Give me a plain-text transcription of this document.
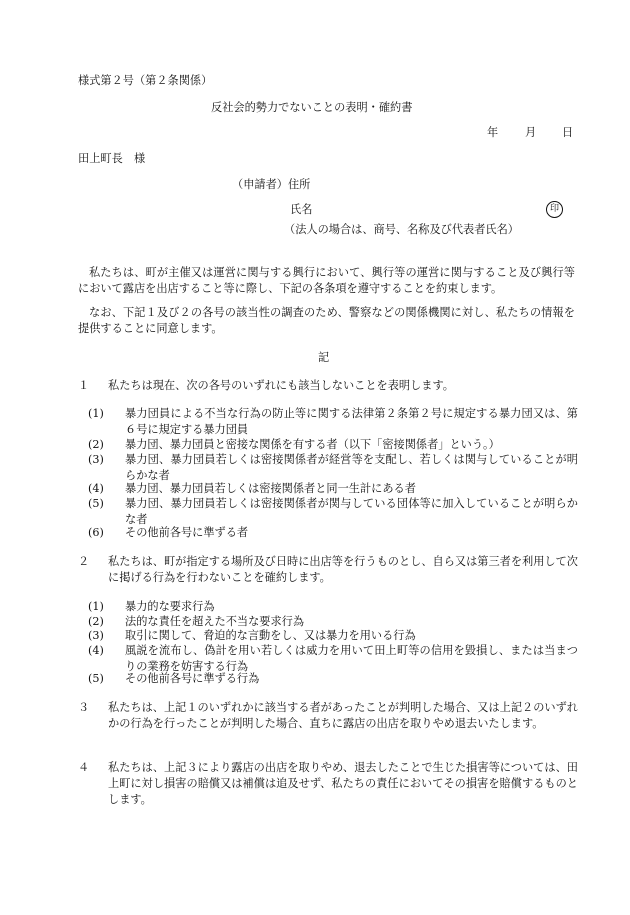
様式第２号（第２条関係）
反社会的勢力でないことの表明・確約書
年 月 日
田上町長　様
（申請者）住所
氏名	印
（法人の場合は、商号、名称及び代表者氏名）
私たちは、町が主催又は運営に関与する興行において、興行等の運営に関与すること及び興行等において露店を出店すること等に際し、下記の各条項を遵守することを約束します。
なお、下記１及び２の各号の該当性の調査のため、警察などの関係機関に対し、私たちの情報を提供することに同意します。
記
１	私たちは現在、次の各号のいずれにも該当しないことを表明します。
(1)	暴力団員による不当な行為の防止等に関する法律第２条第２号に規定する暴力団又は、第６号に規定する暴力団員
(2)	暴力団、暴力団員と密接な関係を有する者（以下「密接関係者」という。）
(3)	暴力団、暴力団員若しくは密接関係者が経営等を支配し、若しくは関与していることが明らかな者
(4)	暴力団、暴力団員若しくは密接関係者と同一生計にある者
(5)	暴力団、暴力団員若しくは密接関係者が関与している団体等に加入していることが明らかな者
(6)	その他前各号に準ずる者
２	私たちは、町が指定する場所及び日時に出店等を行うものとし、自ら又は第三者を利用して次に掲げる行為を行わないことを確約します。
(1)	暴力的な要求行為
(2)	法的な責任を超えた不当な要求行為
(3)	取引に関して、脅迫的な言動をし、又は暴力を用いる行為
(4)	風説を流布し、偽計を用い若しくは威力を用いて田上町等の信用を毀損し、または当まつりの業務を妨害する行為
(5)	その他前各号に準ずる行為
３	私たちは、上記１のいずれかに該当する者があったことが判明した場合、又は上記２のいずれかの行為を行ったことが判明した場合、直ちに露店の出店を取りやめ退去いたします。
４	私たちは、上記３により露店の出店を取りやめ、退去したことで生じた損害等については、田上町に対し損害の賠償又は補償は追及せず、私たちの責任においてその損害を賠償するものとします。
